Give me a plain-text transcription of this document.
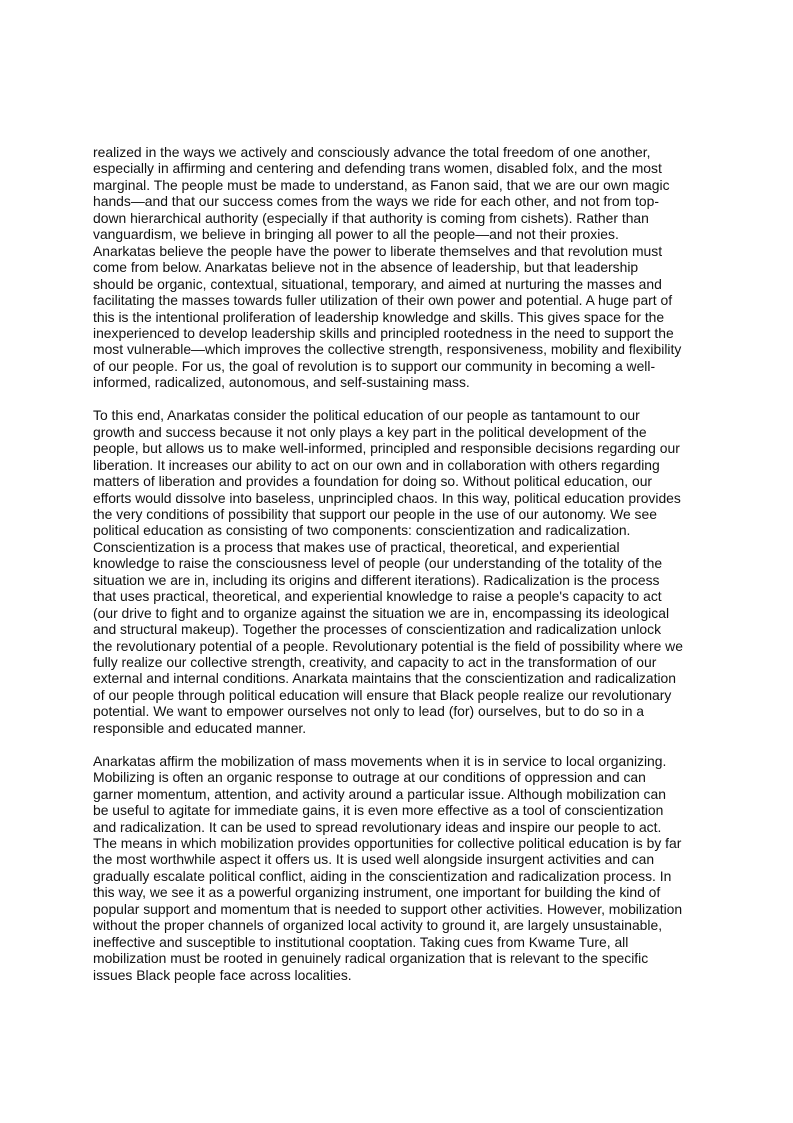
realized in the ways we actively and consciously advance the total freedom of one another,
especially in affirming and centering and defending trans women, disabled folx, and the most
marginal. The people must be made to understand, as Fanon said, that we are our own magic
hands—and that our success comes from the ways we ride for each other, and not from top-
down hierarchical authority (especially if that authority is coming from cishets). Rather than
vanguardism, we believe in bringing all power to all the people—and not their proxies.
Anarkatas believe the people have the power to liberate themselves and that revolution must
come from below. Anarkatas believe not in the absence of leadership, but that leadership
should be organic, contextual, situational, temporary, and aimed at nurturing the masses and
facilitating the masses towards fuller utilization of their own power and potential. A huge part of
this is the intentional proliferation of leadership knowledge and skills. This gives space for the
inexperienced to develop leadership skills and principled rootedness in the need to support the
most vulnerable—which improves the collective strength, responsiveness, mobility and flexibility
of our people. For us, the goal of revolution is to support our community in becoming a well-
informed, radicalized, autonomous, and self-sustaining mass.

To this end, Anarkatas consider the political education of our people as tantamount to our
growth and success because it not only plays a key part in the political development of the
people, but allows us to make well-informed, principled and responsible decisions regarding our
liberation. It increases our ability to act on our own and in collaboration with others regarding
matters of liberation and provides a foundation for doing so. Without political education, our
efforts would dissolve into baseless, unprincipled chaos. In this way, political education provides
the very conditions of possibility that support our people in the use of our autonomy. We see
political education as consisting of two components: conscientization and radicalization.
Conscientization is a process that makes use of practical, theoretical, and experiential
knowledge to raise the consciousness level of people (our understanding of the totality of the
situation we are in, including its origins and different iterations). Radicalization is the process
that uses practical, theoretical, and experiential knowledge to raise a people's capacity to act
(our drive to fight and to organize against the situation we are in, encompassing its ideological
and structural makeup). Together the processes of conscientization and radicalization unlock
the revolutionary potential of a people. Revolutionary potential is the field of possibility where we
fully realize our collective strength, creativity, and capacity to act in the transformation of our
external and internal conditions. Anarkata maintains that the conscientization and radicalization
of our people through political education will ensure that Black people realize our revolutionary
potential. We want to empower ourselves not only to lead (for) ourselves, but to do so in a
responsible and educated manner.

Anarkatas affirm the mobilization of mass movements when it is in service to local organizing.
Mobilizing is often an organic response to outrage at our conditions of oppression and can
garner momentum, attention, and activity around a particular issue. Although mobilization can
be useful to agitate for immediate gains, it is even more effective as a tool of conscientization
and radicalization. It can be used to spread revolutionary ideas and inspire our people to act.
The means in which mobilization provides opportunities for collective political education is by far
the most worthwhile aspect it offers us. It is used well alongside insurgent activities and can
gradually escalate political conflict, aiding in the conscientization and radicalization process. In
this way, we see it as a powerful organizing instrument, one important for building the kind of
popular support and momentum that is needed to support other activities. However, mobilization
without the proper channels of organized local activity to ground it, are largely unsustainable,
ineffective and susceptible to institutional cooptation. Taking cues from Kwame Ture, all
mobilization must be rooted in genuinely radical organization that is relevant to the specific
issues Black people face across localities.
